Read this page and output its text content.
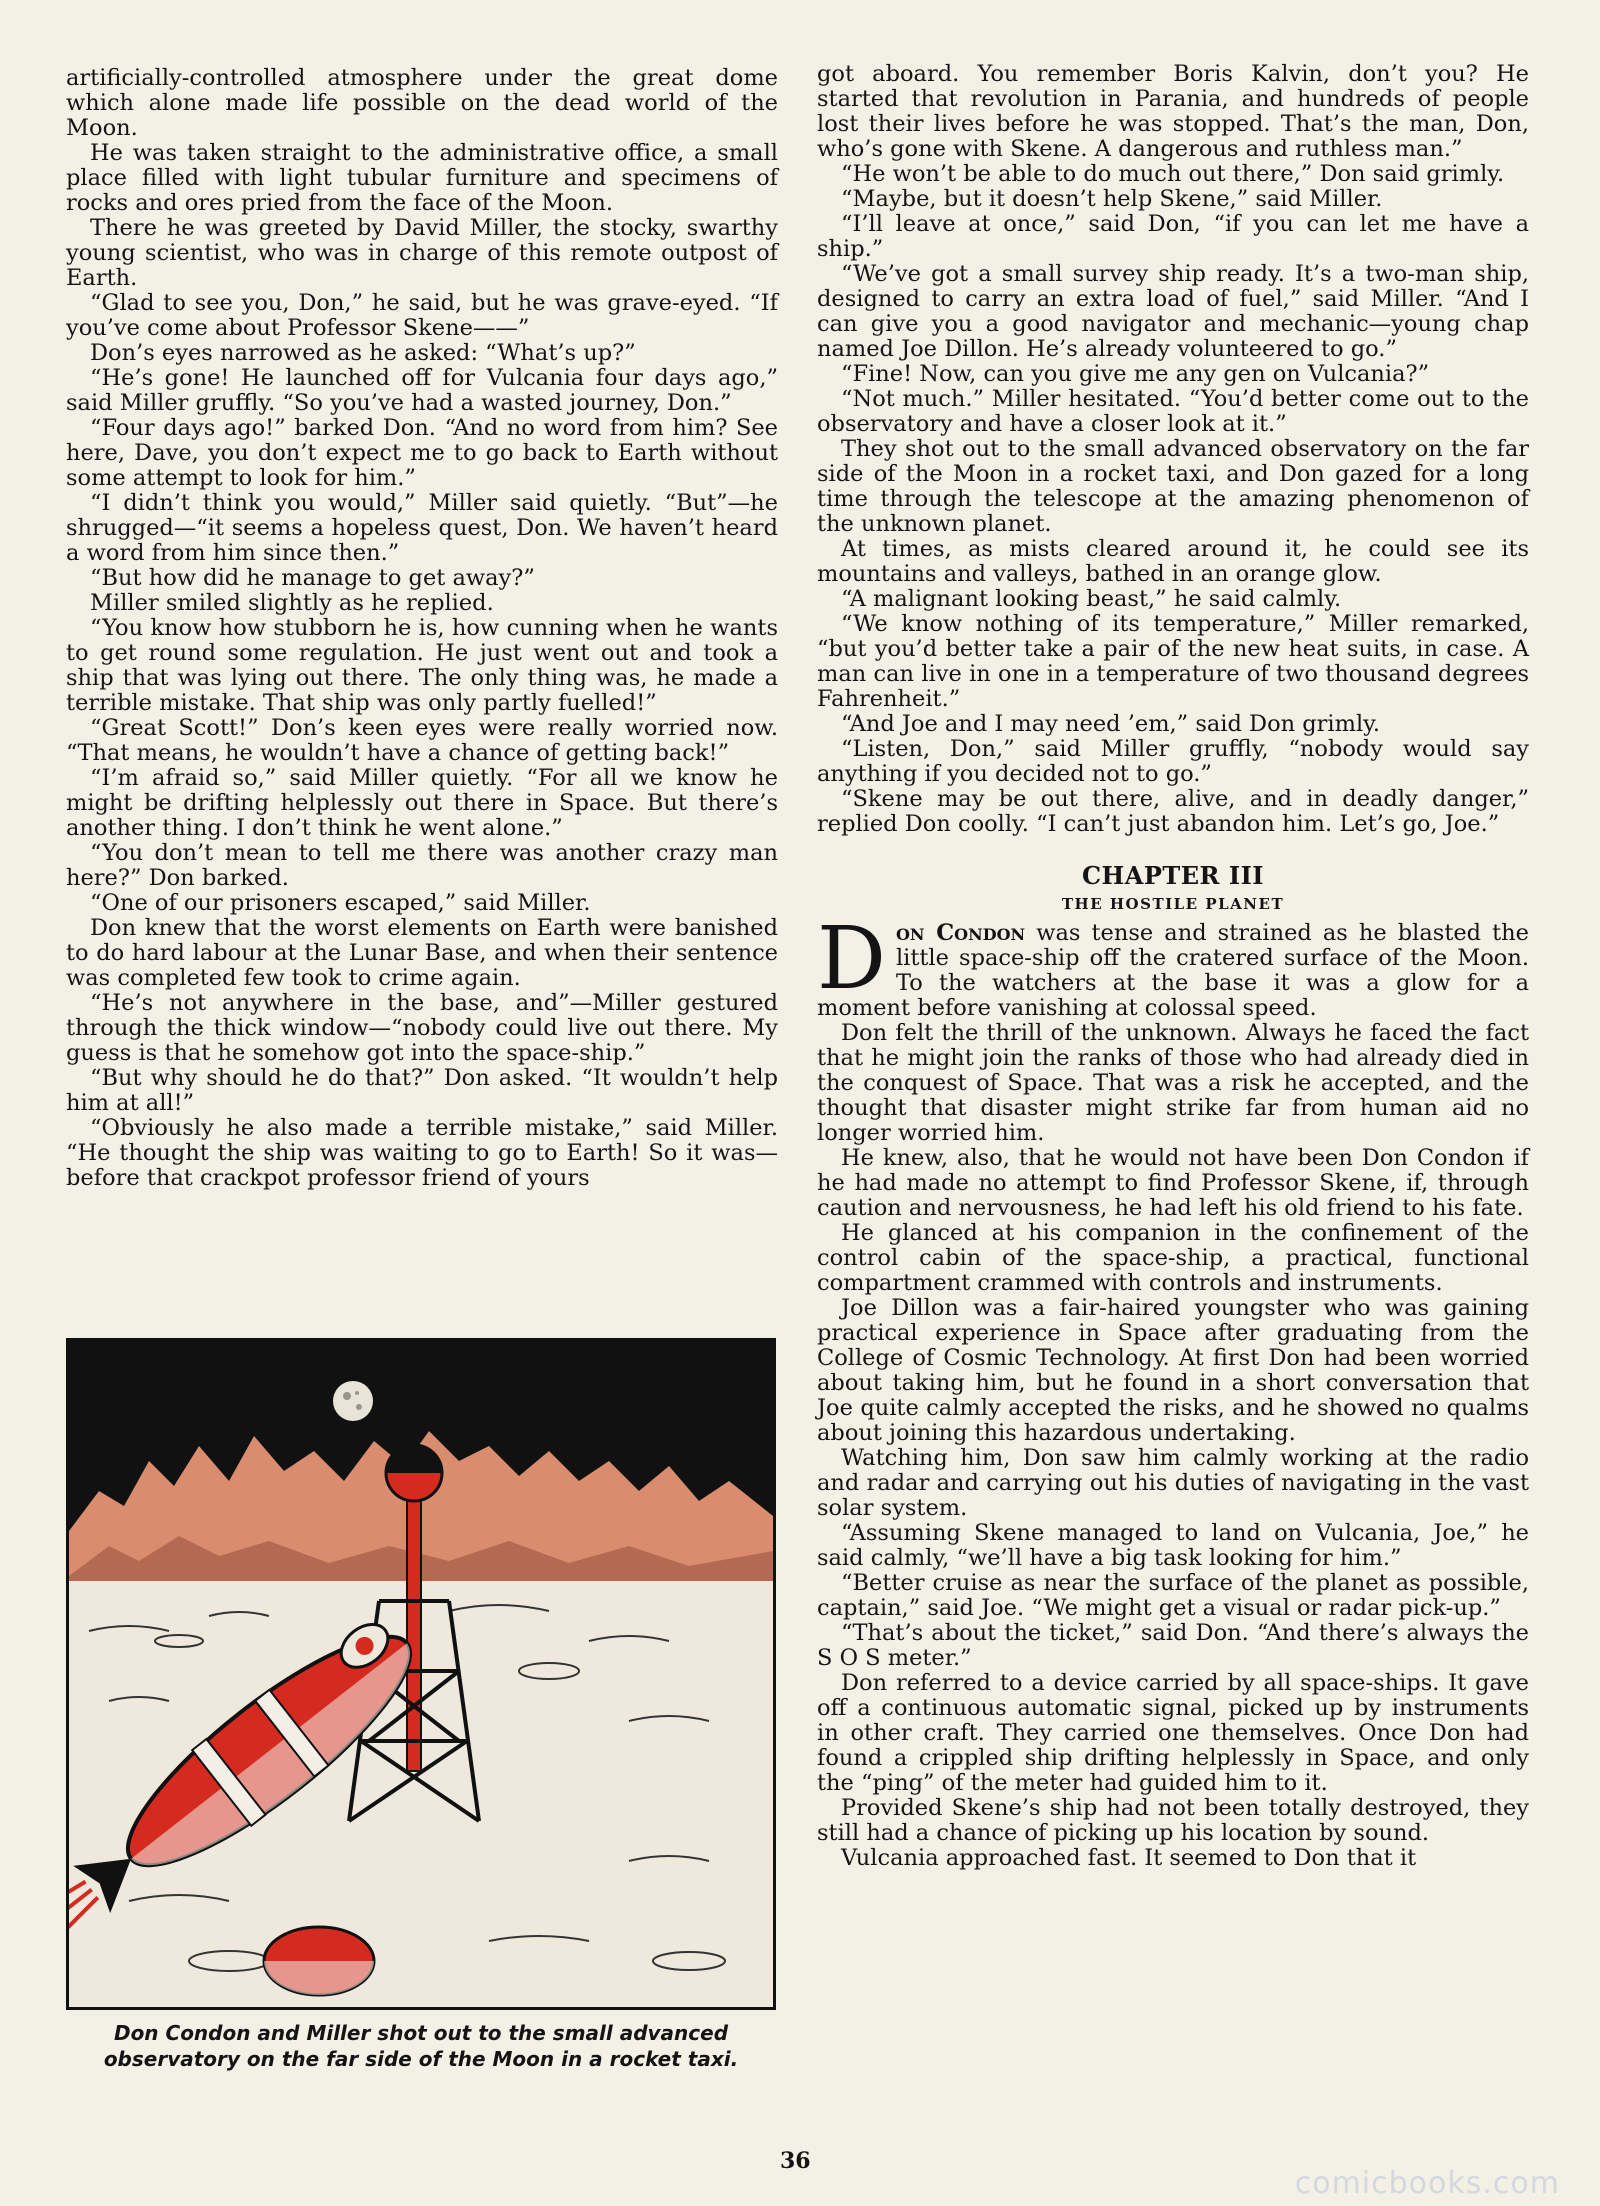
artificially-controlled atmosphere under the great dome which alone made life possible on the dead world of the Moon.

He was taken straight to the administrative office, a small place filled with light tubular furniture and specimens of rocks and ores pried from the face of the Moon.

There he was greeted by David Miller, the stocky, swarthy young scientist, who was in charge of this remote outpost of Earth.

“Glad to see you, Don,” he said, but he was grave-eyed. “If you’ve come about Professor Skene——”

Don’s eyes narrowed as he asked: “What’s up?”

“He’s gone! He launched off for Vulcania four days ago,” said Miller gruffly. “So you’ve had a wasted journey, Don.”

“Four days ago!” barked Don. “And no word from him? See here, Dave, you don’t expect me to go back to Earth without some attempt to look for him.”

“I didn’t think you would,” Miller said quietly. “But”—he shrugged—“it seems a hopeless quest, Don. We haven’t heard a word from him since then.”

“But how did he manage to get away?”

Miller smiled slightly as he replied.

“You know how stubborn he is, how cunning when he wants to get round some regulation. He just went out and took a ship that was lying out there. The only thing was, he made a terrible mistake. That ship was only partly fuelled!”

“Great Scott!” Don’s keen eyes were really worried now. “That means, he wouldn’t have a chance of getting back!”

“I’m afraid so,” said Miller quietly. “For all we know he might be drifting helplessly out there in Space. But there’s another thing. I don’t think he went alone.”

“You don’t mean to tell me there was another crazy man here?” Don barked.

“One of our prisoners escaped,” said Miller.

Don knew that the worst elements on Earth were banished to do hard labour at the Lunar Base, and when their sentence was completed few took to crime again.

“He’s not anywhere in the base, and”—Miller gestured through the thick window—“nobody could live out there. My guess is that he somehow got into the space-ship.”

“But why should he do that?” Don asked. “It wouldn’t help him at all!”

“Obviously he also made a terrible mistake,” said Miller. “He thought the ship was waiting to go to Earth! So it was—before that crackpot professor friend of yours

Don Condon and Miller shot out to the small advanced observatory on the far side of the Moon in a rocket taxi.

got aboard. You remember Boris Kalvin, don’t you? He started that revolution in Parania, and hundreds of people lost their lives before he was stopped. That’s the man, Don, who’s gone with Skene. A dangerous and ruthless man.”

“He won’t be able to do much out there,” Don said grimly.

“Maybe, but it doesn’t help Skene,” said Miller.

“I’ll leave at once,” said Don, “if you can let me have a ship.”

“We’ve got a small survey ship ready. It’s a two-man ship, designed to carry an extra load of fuel,” said Miller. “And I can give you a good navigator and mechanic—young chap named Joe Dillon. He’s already volunteered to go.”

“Fine! Now, can you give me any gen on Vulcania?”

“Not much.” Miller hesitated. “You’d better come out to the observatory and have a closer look at it.”

They shot out to the small advanced observatory on the far side of the Moon in a rocket taxi, and Don gazed for a long time through the telescope at the amazing phenomenon of the unknown planet.

At times, as mists cleared around it, he could see its mountains and valleys, bathed in an orange glow.

“A malignant looking beast,” he said calmly.

“We know nothing of its temperature,” Miller remarked, “but you’d better take a pair of the new heat suits, in case. A man can live in one in a temperature of two thousand degrees Fahrenheit.”

“And Joe and I may need ’em,” said Don grimly.

“Listen, Don,” said Miller gruffly, “nobody would say anything if you decided not to go.”

“Skene may be out there, alive, and in deadly danger,” replied Don coolly. “I can’t just abandon him. Let’s go, Joe.”

CHAPTER III
THE HOSTILE PLANET

Don Condon was tense and strained as he blasted the little space-ship off the cratered surface of the Moon. To the watchers at the base it was a glow for a moment before vanishing at colossal speed.

Don felt the thrill of the unknown. Always he faced the fact that he might join the ranks of those who had already died in the conquest of Space. That was a risk he accepted, and the thought that disaster might strike far from human aid no longer worried him.

He knew, also, that he would not have been Don Condon if he had made no attempt to find Professor Skene, if, through caution and nervousness, he had left his old friend to his fate.

He glanced at his companion in the confinement of the control cabin of the space-ship, a practical, functional compartment crammed with controls and instruments.

Joe Dillon was a fair-haired youngster who was gaining practical experience in Space after graduating from the College of Cosmic Technology. At first Don had been worried about taking him, but he found in a short conversation that Joe quite calmly accepted the risks, and he showed no qualms about joining this hazardous undertaking.

Watching him, Don saw him calmly working at the radio and radar and carrying out his duties of navigating in the vast solar system.

“Assuming Skene managed to land on Vulcania, Joe,” he said calmly, “we’ll have a big task looking for him.”

“Better cruise as near the surface of the planet as possible, captain,” said Joe. “We might get a visual or radar pick-up.”

“That’s about the ticket,” said Don. “And there’s always the S O S meter.”

Don referred to a device carried by all space-ships. It gave off a continuous automatic signal, picked up by instruments in other craft. They carried one themselves. Once Don had found a crippled ship drifting helplessly in Space, and only the “ping” of the meter had guided him to it.

Provided Skene’s ship had not been totally destroyed, they still had a chance of picking up his location by sound.

Vulcania approached fast. It seemed to Don that it

36
comicbooks.com
